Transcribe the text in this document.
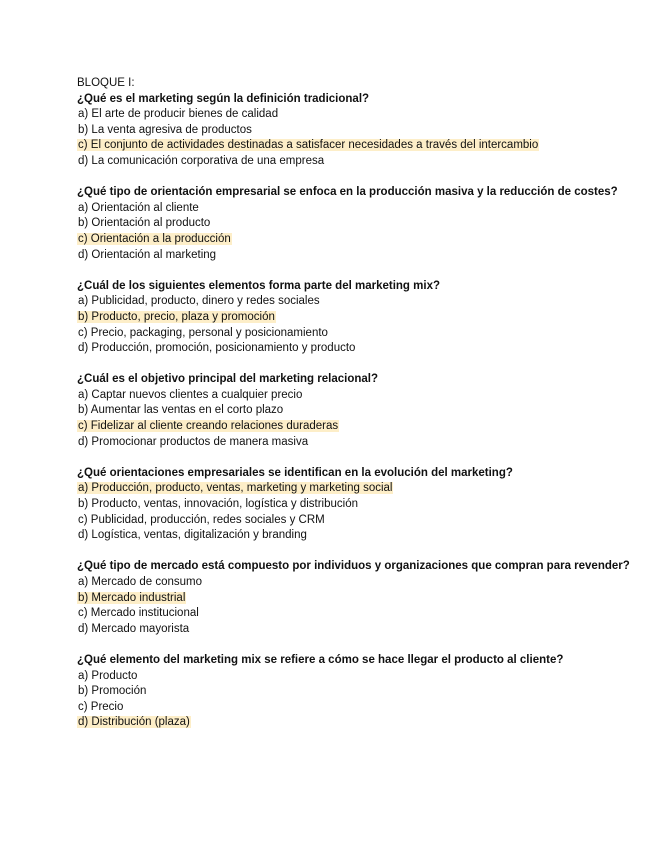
BLOQUE I:

¿Qué es el marketing según la definición tradicional?

a) El arte de producir bienes de calidad
b) La venta agresiva de productos
c) El conjunto de actividades destinadas a satisfacer necesidades a través del intercambio
d) La comunicación corporativa de una empresa

¿Qué tipo de orientación empresarial se enfoca en la producción masiva y la reducción de costes?

a) Orientación al cliente
b) Orientación al producto
c) Orientación a la producción
d) Orientación al marketing

¿Cuál de los siguientes elementos forma parte del marketing mix?

a) Publicidad, producto, dinero y redes sociales
b) Producto, precio, plaza y promoción
c) Precio, packaging, personal y posicionamiento
d) Producción, promoción, posicionamiento y producto

¿Cuál es el objetivo principal del marketing relacional?

a) Captar nuevos clientes a cualquier precio
b) Aumentar las ventas en el corto plazo
c) Fidelizar al cliente creando relaciones duraderas
d) Promocionar productos de manera masiva

¿Qué orientaciones empresariales se identifican en la evolución del marketing?

a) Producción, producto, ventas, marketing y marketing social
b) Producto, ventas, innovación, logística y distribución
c) Publicidad, producción, redes sociales y CRM
d) Logística, ventas, digitalización y branding

¿Qué tipo de mercado está compuesto por individuos y organizaciones que compran para revender?

a) Mercado de consumo
b) Mercado industrial
c) Mercado institucional
d) Mercado mayorista

¿Qué elemento del marketing mix se refiere a cómo se hace llegar el producto al cliente?

a) Producto
b) Promoción
c) Precio
d) Distribución (plaza)
